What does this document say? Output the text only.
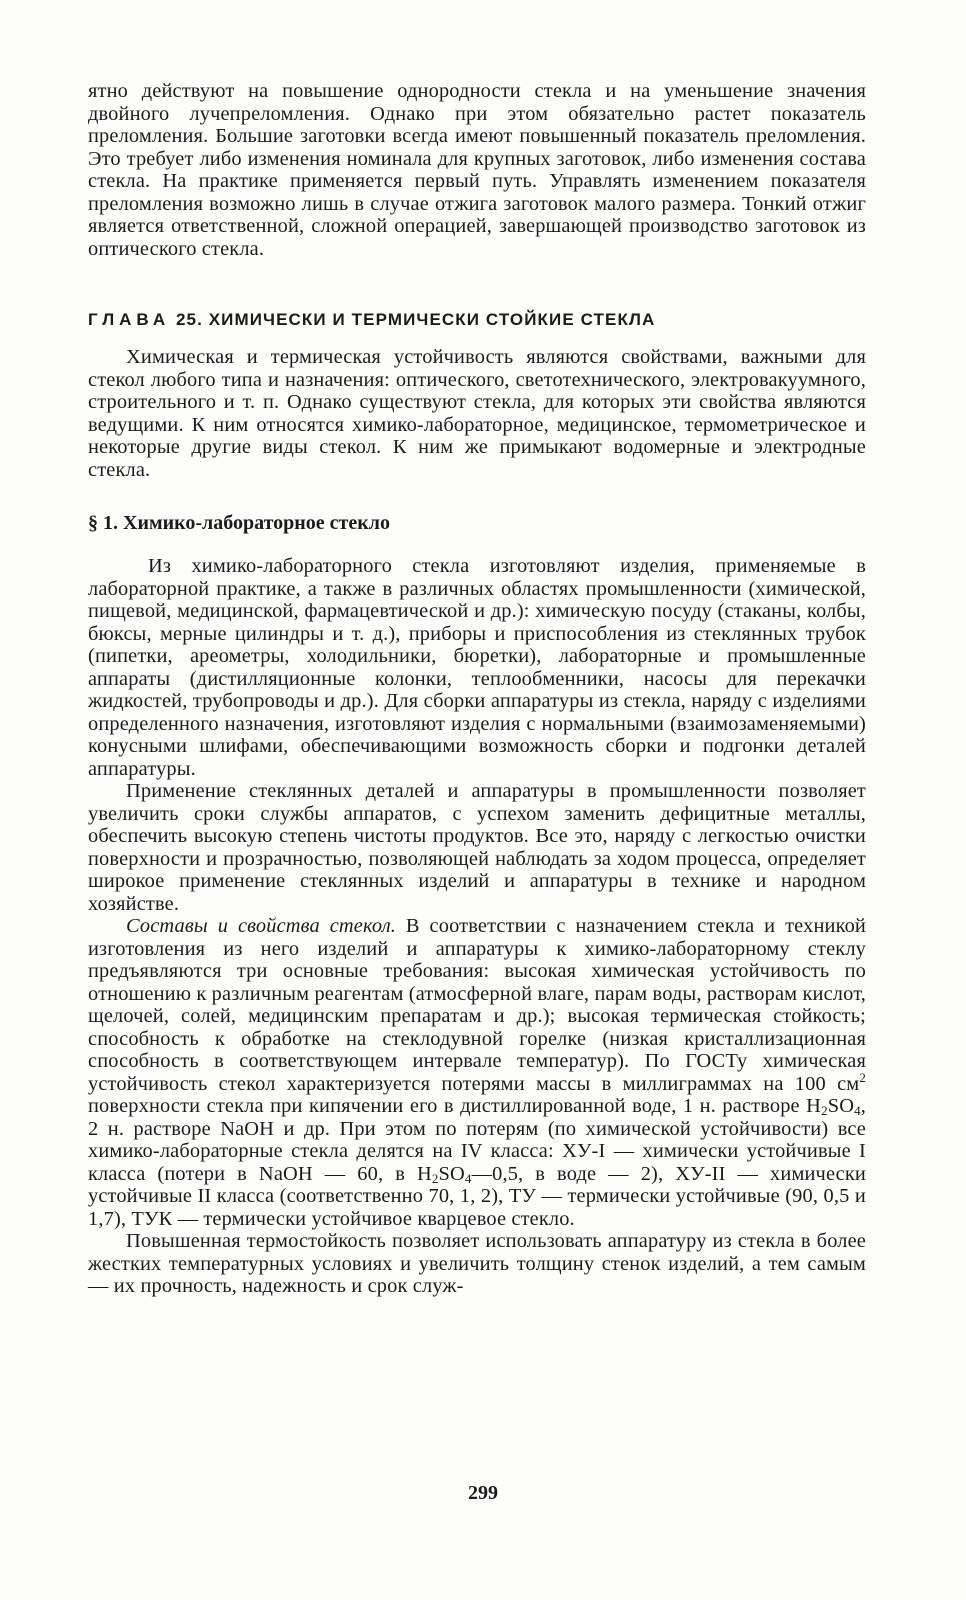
ятно действуют на повышение однородности стекла и на уменьшение значения двойного лучепреломления. Однако при этом обязательно растет показатель преломления. Большие заготовки всегда имеют повышенный показатель преломления. Это требует либо изменения номинала для крупных заготовок, либо изменения состава стекла. На практике применяется первый путь. Управлять изменением показателя преломления возможно лишь в случае отжига заготовок малого размера. Тонкий отжиг является ответственной, сложной операцией, завершающей производство заготовок из оптического стекла.

ГЛАВА 25. ХИМИЧЕСКИ И ТЕРМИЧЕСКИ СТОЙКИЕ СТЕКЛА

Химическая и термическая устойчивость являются свойствами, важными для стекол любого типа и назначения: оптического, светотехнического, электровакуумного, строительного и т. п. Однако существуют стекла, для которых эти свойства являются ведущими. К ним относятся химико-лабораторное, медицинское, термометрическое и некоторые другие виды стекол. К ним же примыкают водомерные и электродные стекла.

§ 1. Химико-лабораторное стекло

Из химико-лабораторного стекла изготовляют изделия, применяемые в лабораторной практике, а также в различных областях промышленности (химической, пищевой, медицинской, фармацевтической и др.): химическую посуду (стаканы, колбы, бюксы, мерные цилиндры и т. д.), приборы и приспособления из стеклянных трубок (пипетки, ареометры, холодильники, бюретки), лабораторные и промышленные аппараты (дистилляционные колонки, теплообменники, насосы для перекачки жидкостей, трубопроводы и др.). Для сборки аппаратуры из стекла, наряду с изделиями определенного назначения, изготовляют изделия с нормальными (взаимозаменяемыми) конусными шлифами, обеспечивающими возможность сборки и подгонки деталей аппаратуры.

Применение стеклянных деталей и аппаратуры в промышленности позволяет увеличить сроки службы аппаратов, с успехом заменить дефицитные металлы, обеспечить высокую степень чистоты продуктов. Все это, наряду с легкостью очистки поверхности и прозрачностью, позволяющей наблюдать за ходом процесса, определяет широкое применение стеклянных изделий и аппаратуры в технике и народном хозяйстве.

Составы и свойства стекол. В соответствии с назначением стекла и техникой изготовления из него изделий и аппаратуры к химико-лабораторному стеклу предъявляются три основные требования: высокая химическая устойчивость по отношению к различным реагентам (атмосферной влаге, парам воды, растворам кислот, щелочей, солей, медицинским препаратам и др.); высокая термическая стойкость; способность к обработке на стеклодувной горелке (низкая кристаллизационная способность в соответствующем интервале температур). По ГОСТу химическая устойчивость стекол характеризуется потерями массы в миллиграммах на 100 $см^2$ поверхности стекла при кипячении его в дистиллированной воде, 1 н. растворе $H_2SO_4$, 2 н. растворе NaOH и др. При этом по потерям (по химической устойчивости) все химико-лабораторные стекла делятся на IV класса: ХУ-I — химически устойчивые I класса (потери в NaOH — 60, в $H_2SO_4—0,5$, в воде — 2), ХУ-II — химически устойчивые II класса (соответственно 70, 1, 2), ТУ — термически устойчивые (90, 0,5 и 1,7), ТУК — термически устойчивое кварцевое стекло.

Повышенная термостойкость позволяет использовать аппаратуру из стекла в более жестких температурных условиях и увеличить толщину стенок изделий, а тем самым — их прочность, надежность и срок служ-

299
